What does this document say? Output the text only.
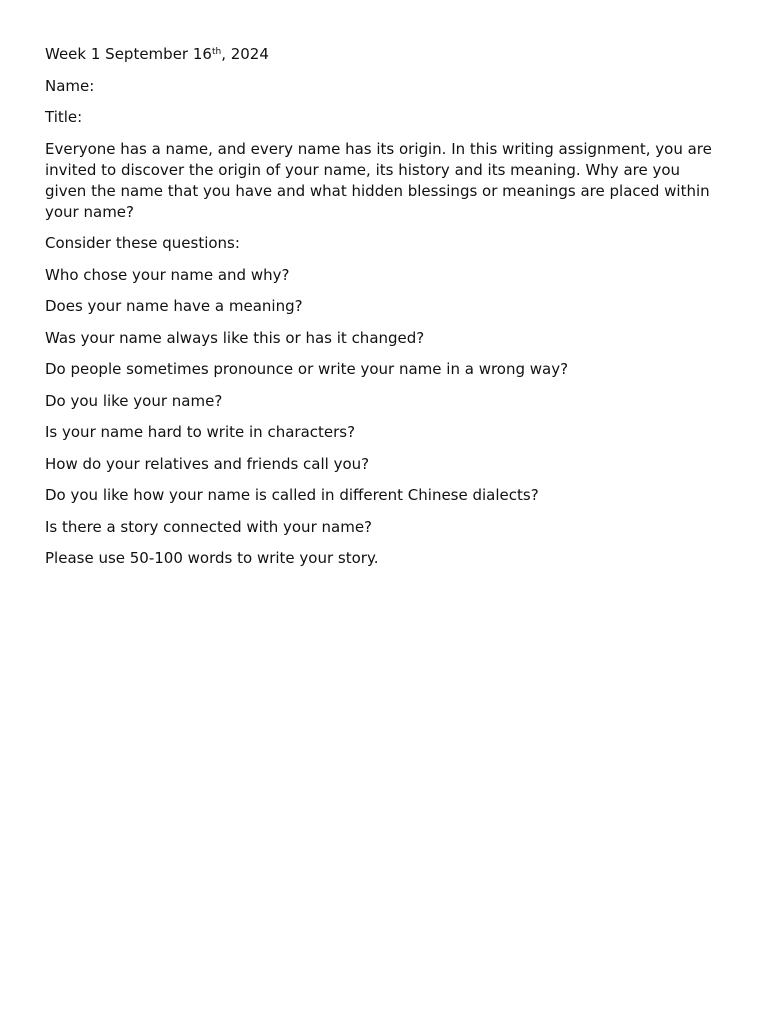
Week 1 September 16th, 2024

Name:

Title:

Everyone has a name, and every name has its origin. In this writing assignment, you are invited to discover the origin of your name, its history and its meaning. Why are you given the name that you have and what hidden blessings or meanings are placed within your name?

Consider these questions:

Who chose your name and why?

Does your name have a meaning?

Was your name always like this or has it changed?

Do people sometimes pronounce or write your name in a wrong way?

Do you like your name?

Is your name hard to write in characters?

How do your relatives and friends call you?

Do you like how your name is called in different Chinese dialects?

Is there a story connected with your name?

Please use 50-100 words to write your story.
